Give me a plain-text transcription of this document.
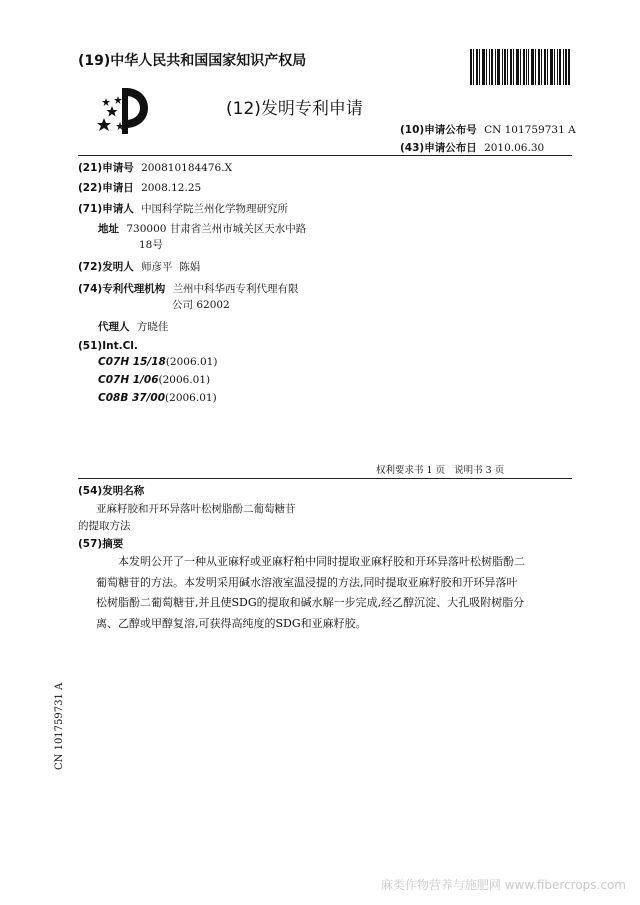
(19)中华人民共和国国家知识产权局
(12)发明专利申请
(10)申请公布号 CN 101759731 A
(43)申请公布日 2010.06.30
(21)申请号 200810184476.X
(22)申请日 2008.12.25
(71)申请人 中国科学院兰州化学物理研究所
地址 730000 甘肃省兰州市城关区天水中路
18号
(72)发明人 师彦平  陈娟
(74)专利代理机构 兰州中科华西专利代理有限
公司 62002
代理人 方晓佳
(51)Int.Cl.
C07H 15/18(2006.01)
C07H 1/06(2006.01)
C08B 37/00(2006.01)
权利要求书 1 页   说明书 3 页
(54)发明名称
亚麻籽胶和开环异落叶松树脂酚二葡萄糖苷
的提取方法
(57)摘要
本发明公开了一种从亚麻籽或亚麻籽粕中同时提取亚麻籽胶和开环异落叶松树脂酚二葡萄糖苷的方法。本发明采用碱水溶液室温浸提的方法,同时提取亚麻籽胶和开环异落叶松树脂酚二葡萄糖苷,并且使SDG的提取和碱水解一步完成,经乙醇沉淀、大孔吸附树脂分离、乙醇或甲醇复溶,可获得高纯度的SDG和亚麻籽胶。
CN 101759731 A
麻类作物营养与施肥网 www.fibercrops.com
